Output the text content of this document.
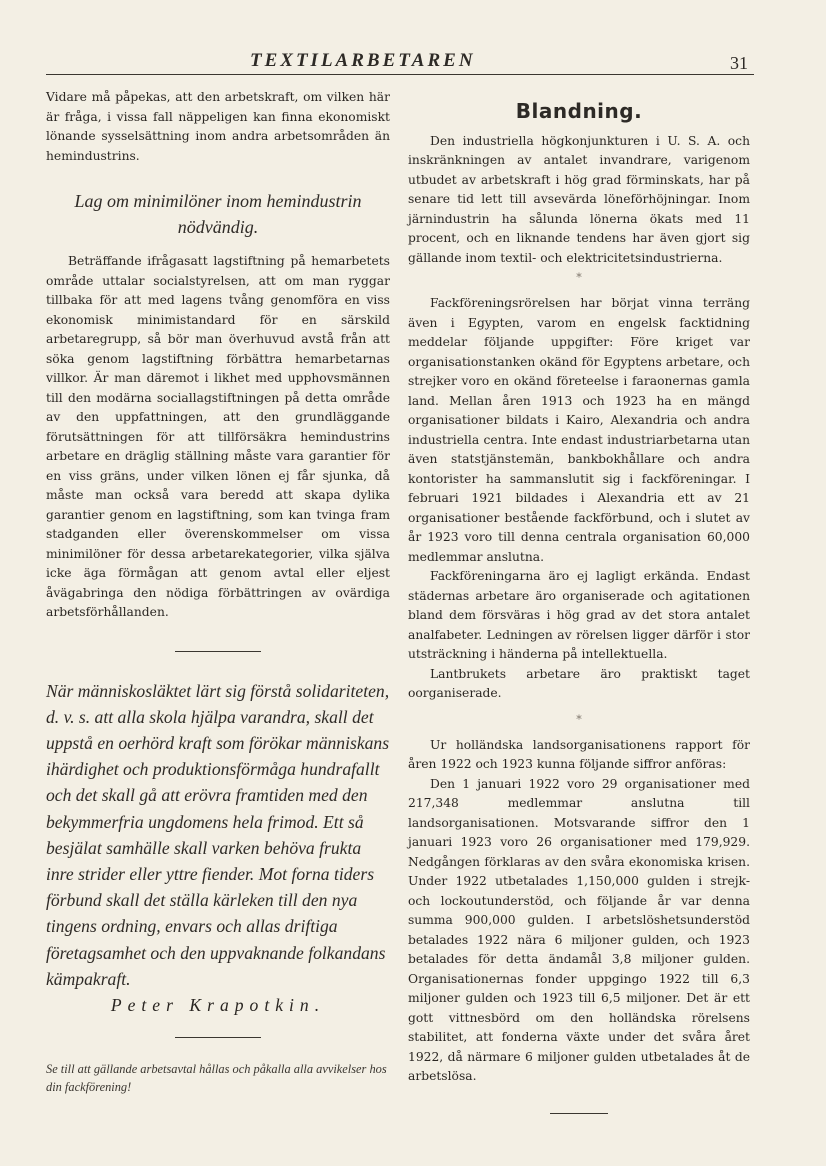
TEXTILARBETAREN	31

Vidare må påpekas, att den arbetskraft, om vilken här är fråga, i vissa fall näppeligen kan finna ekonomiskt lönande sysselsättning inom andra arbetsområden än hemindustrins.

Lag om minimilöner inom hemindustrin nödvändig.

Beträffande ifrågasatt lagstiftning på hemarbetets område uttalar socialstyrelsen, att om man ryggar tillbaka för att med lagens tvång genomföra en viss ekonomisk minimistandard för en särskild arbetaregrupp, så bör man överhuvud avstå från att söka genom lagstiftning förbättra hemarbetarnas villkor. Är man däremot i likhet med upphovsmännen till den modärna sociallagstiftningen på detta område av den uppfattningen, att den grundläggande förutsättningen för att tillförsäkra hemindustrins arbetare en dräglig ställning måste vara garantier för en viss gräns, under vilken lönen ej får sjunka, då måste man också vara beredd att skapa dylika garantier genom en lagstiftning, som kan tvinga fram stadganden eller överenskommelser om vissa minimilöner för dessa arbetarekategorier, vilka själva icke äga förmågan att genom avtal eller eljest åvägabringa den nödiga förbättringen av ovärdiga arbetsförhållanden.

När människosläktet lärt sig förstå solidariteten, d. v. s. att alla skola hjälpa varandra, skall det uppstå en oerhörd kraft som förökar människans ihärdighet och produktionsförmåga hundrafallt och det skall gå att erövra framtiden med den bekymmerfria ungdomens hela frimod. Ett så besjälat samhälle skall varken behöva frukta inre strider eller yttre fiender. Mot forna tiders förbund skall det ställa kärleken till den nya tingens ordning, envars och allas driftiga företagsamhet och den uppvaknande folkandans kämpakraft.
Peter Krapotkin.
Se till att gällande arbetsavtal hållas och påkalla alla avvikelser hos din fackförening!
Blandning.

Den industriella högkonjunkturen i U. S. A. och inskränkningen av antalet invandrare, varigenom utbudet av arbetskraft i hög grad förminskats, har på senare tid lett till avsevärda löneförhöjningar. Inom järnindustrin ha sålunda lönerna ökats med 11 procent, och en liknande tendens har även gjort sig gällande inom textil- och elektricitetsindustrierna.

*

Fackföreningsrörelsen har börjat vinna terräng även i Egypten, varom en engelsk facktidning meddelar följande uppgifter: Före kriget var organisationstanken okänd för Egyptens arbetare, och strejker voro en okänd företeelse i faraonernas gamla land. Mellan åren 1913 och 1923 ha en mängd organisationer bildats i Kairo, Alexandria och andra industriella centra. Inte endast industriarbetarna utan även statstjänstemän, bankbokhållare och andra kontorister ha sammanslutit sig i fackföreningar. I februari 1921 bildades i Alexandria ett av 21 organisationer bestående fackförbund, och i slutet av år 1923 voro till denna centrala organisation 60,000 medlemmar anslutna.

Fackföreningarna äro ej lagligt erkända. Endast städernas arbetare äro organiserade och agitationen bland dem försväras i hög grad av det stora antalet analfabeter. Ledningen av rörelsen ligger därför i stor utsträckning i händerna på intellektuella.

Lantbrukets arbetare äro praktiskt taget oorganiserade.

*

Ur holländska landsorganisationens rapport för åren 1922 och 1923 kunna följande siffror anföras:

Den 1 januari 1922 voro 29 organisationer med 217,348 medlemmar anslutna till landsorganisationen. Motsvarande siffror den 1 januari 1923 voro 26 organisationer med 179,929. Nedgången förklaras av den svåra ekonomiska krisen. Under 1922 utbetalades 1,150,000 gulden i strejk- och lockoutunderstöd, och följande år var denna summa 900,000 gulden. I arbetslöshetsunderstöd betalades 1922 nära 6 miljoner gulden, och 1923 betalades för detta ändamål 3,8 miljoner gulden. Organisationernas fonder uppgingo 1922 till 6,3 miljoner gulden och 1923 till 6,5 miljoner. Det är ett gott vittnesbörd om den holländska rörelsens stabilitet, att fonderna växte under det svåra året 1922, då närmare 6 miljoner gulden utbetalades åt de arbetslösa.
